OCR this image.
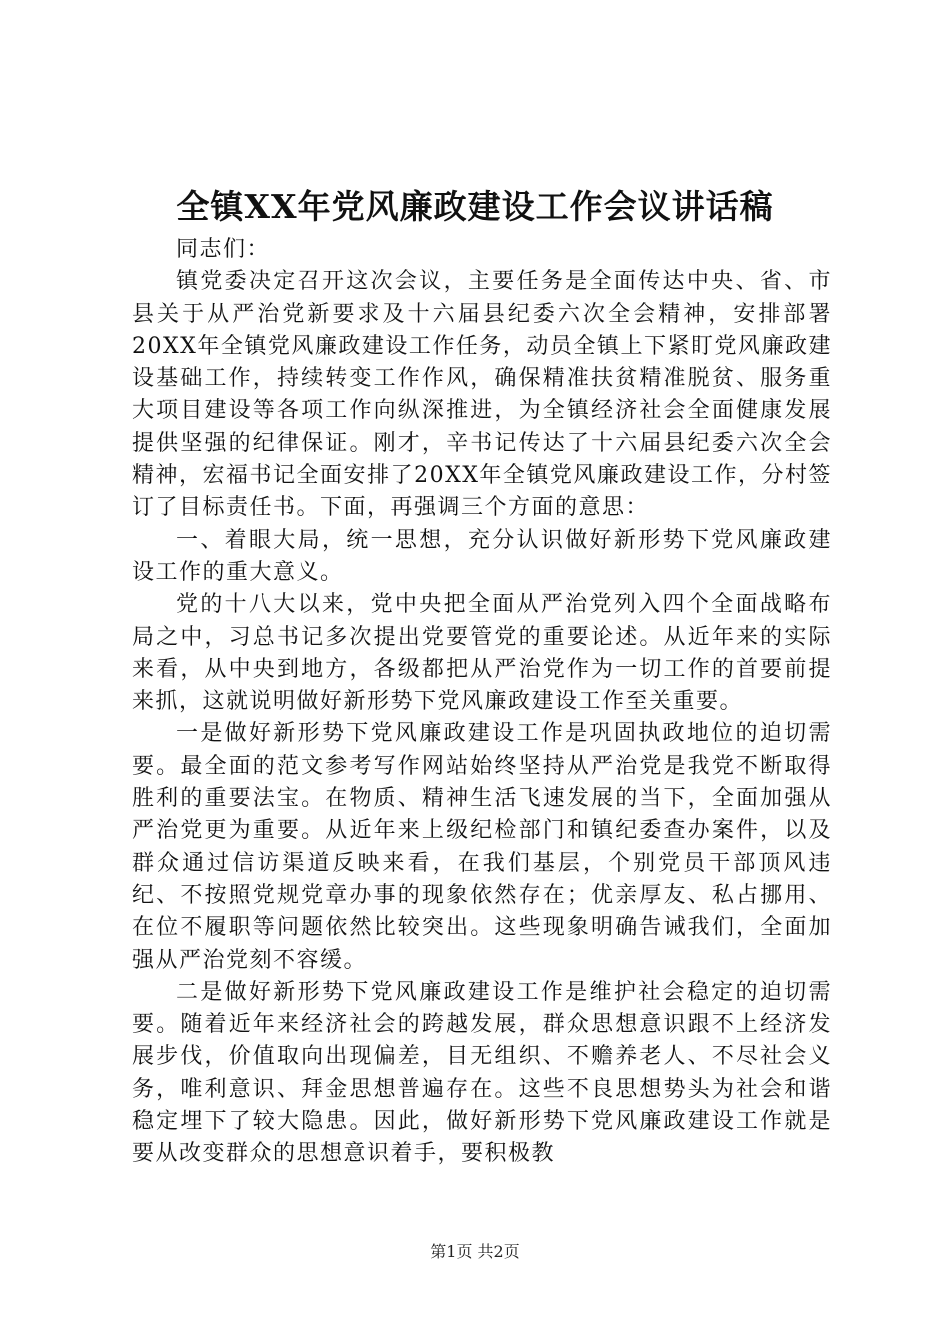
全镇XX年党风廉政建设工作会议讲话稿

同志们：

镇党委决定召开这次会议，主要任务是全面传达中央、省、市县关于从严治党新要求及十六届县纪委六次全会精神，安排部署20XX年全镇党风廉政建设工作任务，动员全镇上下紧盯党风廉政建设基础工作，持续转变工作作风，确保精准扶贫精准脱贫、服务重大项目建设等各项工作向纵深推进，为全镇经济社会全面健康发展提供坚强的纪律保证。刚才，辛书记传达了十六届县纪委六次全会精神，宏福书记全面安排了20XX年全镇党风廉政建设工作，分村签订了目标责任书。下面，再强调三个方面的意思：

一、着眼大局，统一思想，充分认识做好新形势下党风廉政建设工作的重大意义。

党的十八大以来，党中央把全面从严治党列入四个全面战略布局之中，习总书记多次提出党要管党的重要论述。从近年来的实际来看，从中央到地方，各级都把从严治党作为一切工作的首要前提来抓，这就说明做好新形势下党风廉政建设工作至关重要。

一是做好新形势下党风廉政建设工作是巩固执政地位的迫切需要。最全面的范文参考写作网站始终坚持从严治党是我党不断取得胜利的重要法宝。在物质、精神生活飞速发展的当下，全面加强从严治党更为重要。从近年来上级纪检部门和镇纪委查办案件，以及群众通过信访渠道反映来看，在我们基层，个别党员干部顶风违纪、不按照党规党章办事的现象依然存在；优亲厚友、私占挪用、在位不履职等问题依然比较突出。这些现象明确告诫我们，全面加强从严治党刻不容缓。

二是做好新形势下党风廉政建设工作是维护社会稳定的迫切需要。随着近年来经济社会的跨越发展，群众思想意识跟不上经济发展步伐，价值取向出现偏差，目无组织、不赡养老人、不尽社会义务，唯利意识、拜金思想普遍存在。这些不良思想势头为社会和谐稳定埋下了较大隐患。因此，做好新形势下党风廉政建设工作就是要从改变群众的思想意识着手，要积极教

第1页 共2页
